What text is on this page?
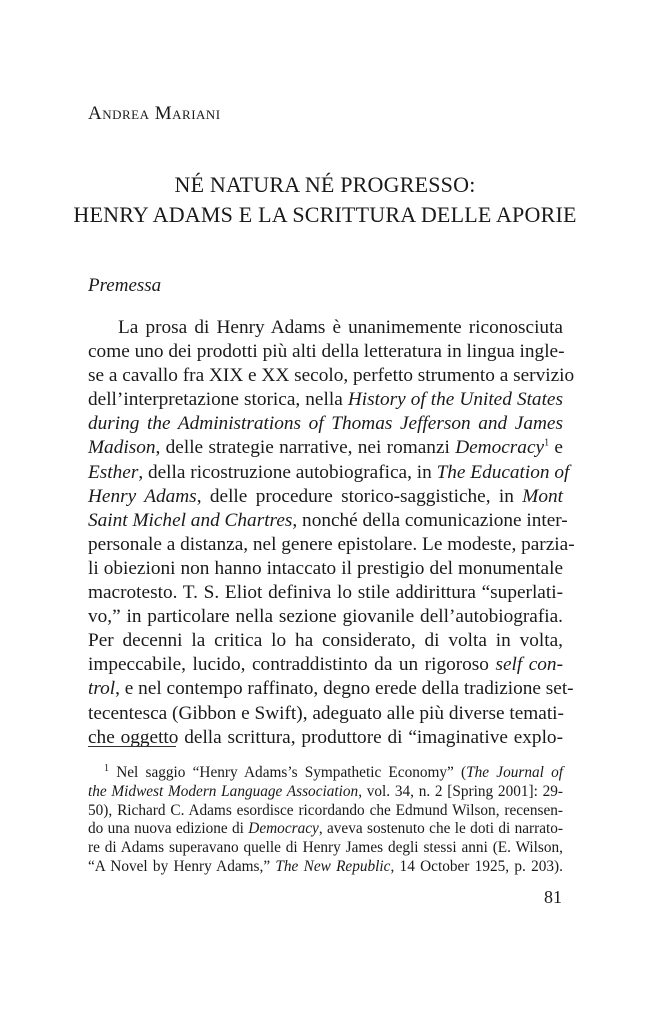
Andrea Mariani
NÉ NATURA NÉ PROGRESSO:
HENRY ADAMS E LA SCRITTURA DELLE APORIE
Premessa
La prosa di Henry Adams è unanimemente riconosciuta
come uno dei prodotti più alti della letteratura in lingua ingle-
se a cavallo fra XIX e XX secolo, perfetto strumento a servizio
dell’interpretazione storica, nella History of the United States
during the Administrations of Thomas Jefferson and James
Madison, delle strategie narrative, nei romanzi Democracy$^1$ e
Esther, della ricostruzione autobiografica, in The Education of
Henry Adams, delle procedure storico-saggistiche, in Mont
Saint Michel and Chartres, nonché della comunicazione inter-
personale a distanza, nel genere epistolare. Le modeste, parzia-
li obiezioni non hanno intaccato il prestigio del monumentale
macrotesto. T. S. Eliot definiva lo stile addirittura “superlati-
vo,” in particolare nella sezione giovanile dell’autobiografia.
Per decenni la critica lo ha considerato, di volta in volta,
impeccabile, lucido, contraddistinto da un rigoroso self con-
trol, e nel contempo raffinato, degno erede della tradizione set-
tecentesca (Gibbon e Swift), adeguato alle più diverse temati-
che oggetto della scrittura, produttore di “imaginative explo-
$^1$ Nel saggio “Henry Adams’s Sympathetic Economy” (The Journal of
the Midwest Modern Language Association, vol. 34, n. 2 [Spring 2001]: 29-
50), Richard C. Adams esordisce ricordando che Edmund Wilson, recensen-
do una nuova edizione di Democracy, aveva sostenuto che le doti di narrato-
re di Adams superavano quelle di Henry James degli stessi anni (E. Wilson,
“A Novel by Henry Adams,” The New Republic, 14 October 1925, p. 203).
81
